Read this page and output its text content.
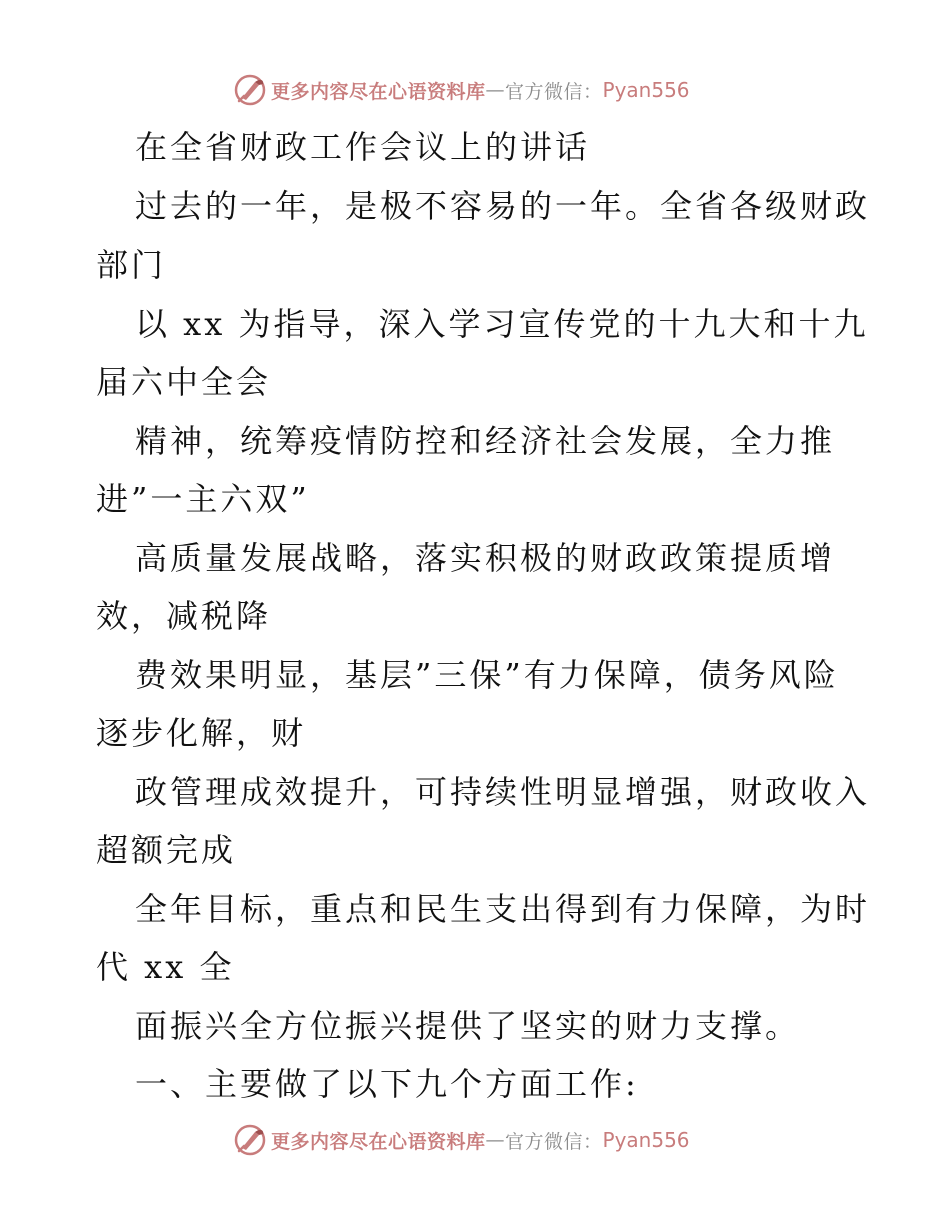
更多内容尽在心语资料库 — 官方微信： Pyan556
在全省财政工作会议上的讲话
过去的一年，是极不容易的一年。全省各级财政
部门
以 xx 为指导，深入学习宣传党的十九大和十九
届六中全会
精神，统筹疫情防控和经济社会发展，全力推
进”一主六双”
高质量发展战略，落实积极的财政政策提质增
效，减税降
费效果明显，基层”三保”有力保障，债务风险
逐步化解，财
政管理成效提升，可持续性明显增强，财政收入
超额完成
全年目标，重点和民生支出得到有力保障，为时
代 xx 全
面振兴全方位振兴提供了坚实的财力支撑。
一、主要做了以下九个方面工作:
更多内容尽在心语资料库 — 官方微信： Pyan556
